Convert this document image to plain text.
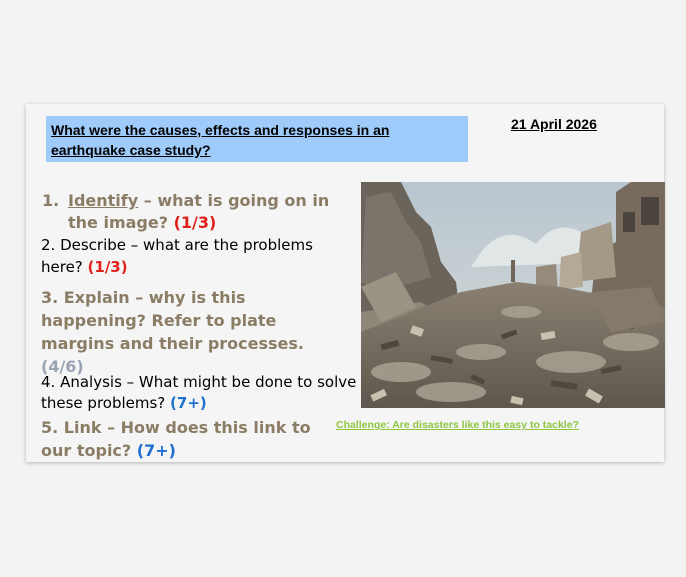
What were the causes, effects and responses in an earthquake case study?
21 April 2026
1. Identify – what is going on in the image? (1/3)
2. Describe – what are the problems here? (1/3)
3. Explain – why is this happening? Refer to plate margins and their processes. (4/6)
4. Analysis – What might be done to solve these problems? (7+)
5. Link – How does this link to our topic? (7+)
Challenge: Are disasters like this easy to tackle?
